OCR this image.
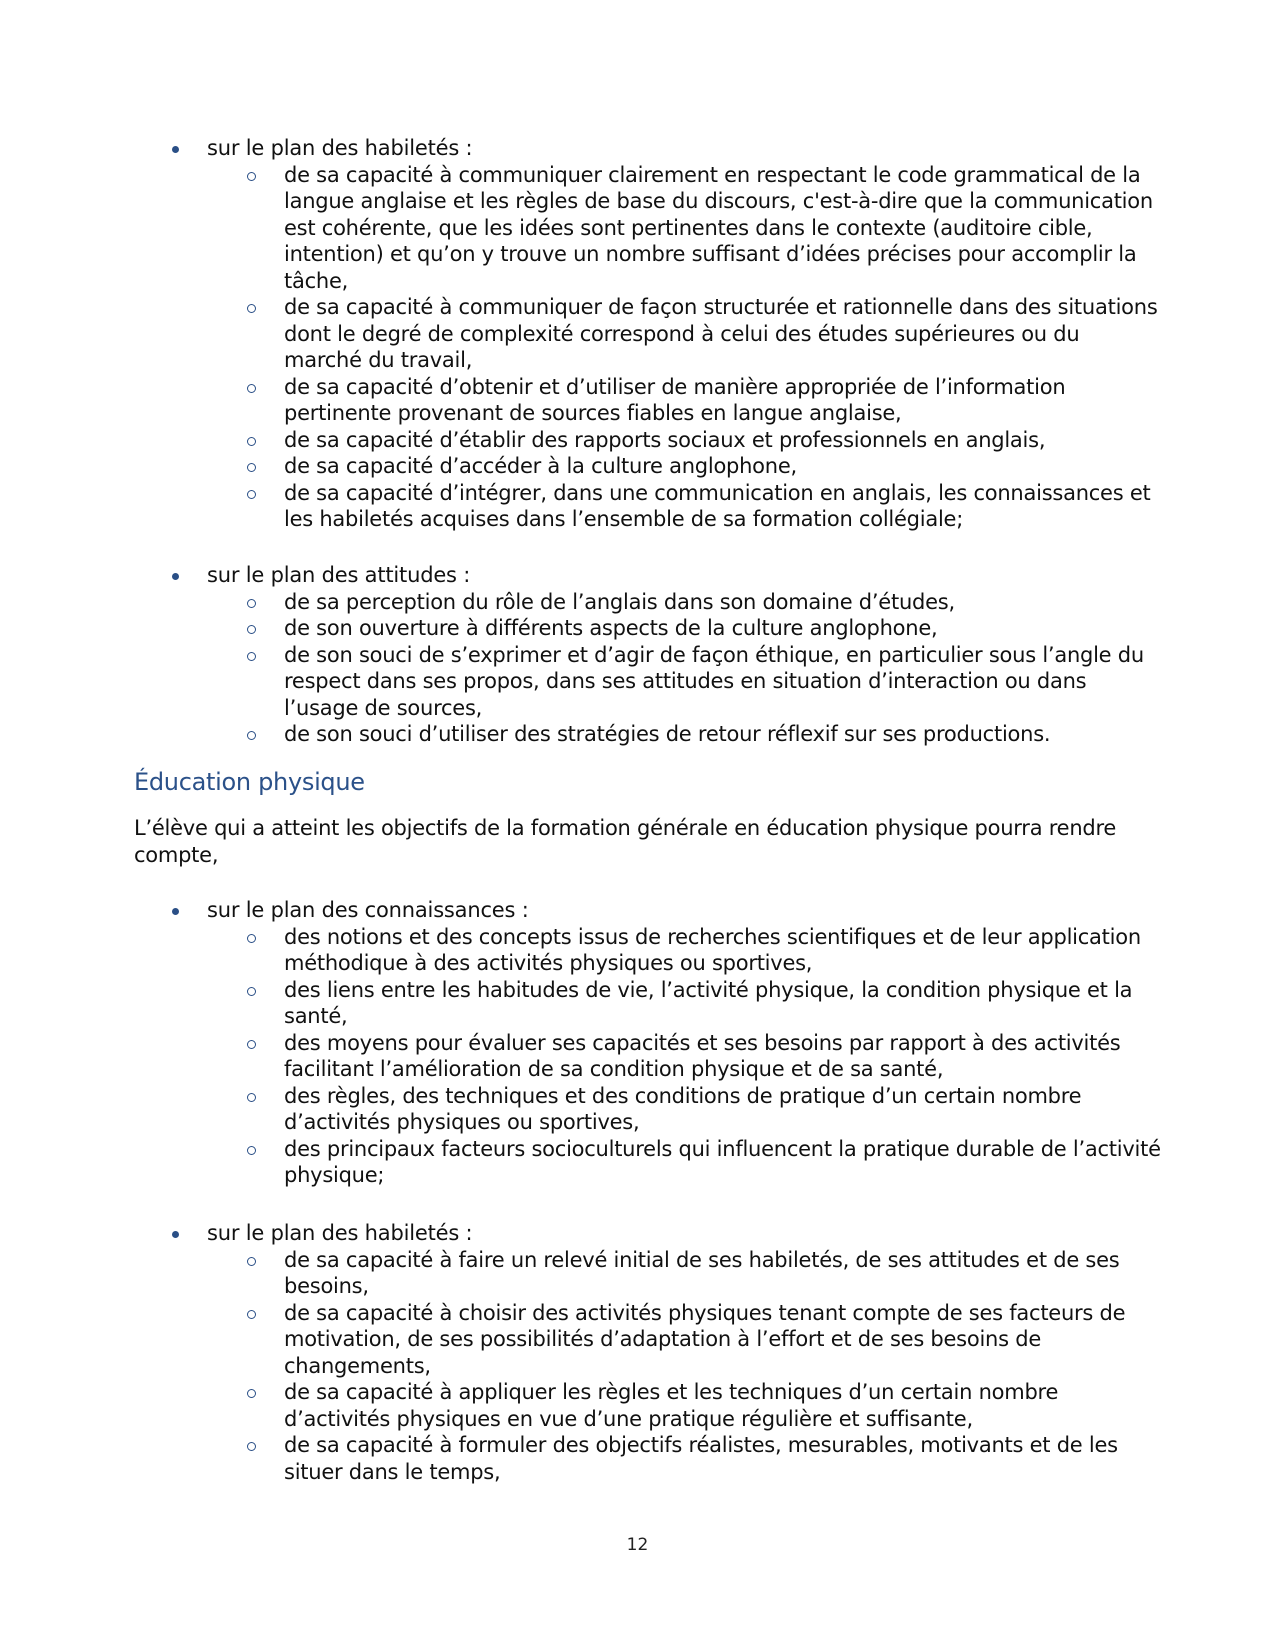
sur le plan des habiletés :
de sa capacité à communiquer clairement en respectant le code grammatical de la
langue anglaise et les règles de base du discours, c'est-à-dire que la communication
est cohérente, que les idées sont pertinentes dans le contexte (auditoire cible,
intention) et qu’on y trouve un nombre suffisant d’idées précises pour accomplir la
tâche,
de sa capacité à communiquer de façon structurée et rationnelle dans des situations
dont le degré de complexité correspond à celui des études supérieures ou du
marché du travail,
de sa capacité d’obtenir et d’utiliser de manière appropriée de l’information
pertinente provenant de sources fiables en langue anglaise,
de sa capacité d’établir des rapports sociaux et professionnels en anglais,
de sa capacité d’accéder à la culture anglophone,
de sa capacité d’intégrer, dans une communication en anglais, les connaissances et
les habiletés acquises dans l’ensemble de sa formation collégiale;
sur le plan des attitudes :
de sa perception du rôle de l’anglais dans son domaine d’études,
de son ouverture à différents aspects de la culture anglophone,
de son souci de s’exprimer et d’agir de façon éthique, en particulier sous l’angle du
respect dans ses propos, dans ses attitudes en situation d’interaction ou dans
l’usage de sources,
de son souci d’utiliser des stratégies de retour réflexif sur ses productions.
Éducation physique
L’élève qui a atteint les objectifs de la formation générale en éducation physique pourra rendre
compte,
sur le plan des connaissances :
des notions et des concepts issus de recherches scientifiques et de leur application
méthodique à des activités physiques ou sportives,
des liens entre les habitudes de vie, l’activité physique, la condition physique et la
santé,
des moyens pour évaluer ses capacités et ses besoins par rapport à des activités
facilitant l’amélioration de sa condition physique et de sa santé,
des règles, des techniques et des conditions de pratique d’un certain nombre
d’activités physiques ou sportives,
des principaux facteurs socioculturels qui influencent la pratique durable de l’activité
physique;
sur le plan des habiletés :
de sa capacité à faire un relevé initial de ses habiletés, de ses attitudes et de ses
besoins,
de sa capacité à choisir des activités physiques tenant compte de ses facteurs de
motivation, de ses possibilités d’adaptation à l’effort et de ses besoins de
changements,
de sa capacité à appliquer les règles et les techniques d’un certain nombre
d’activités physiques en vue d’une pratique régulière et suffisante,
de sa capacité à formuler des objectifs réalistes, mesurables, motivants et de les
situer dans le temps,
12
